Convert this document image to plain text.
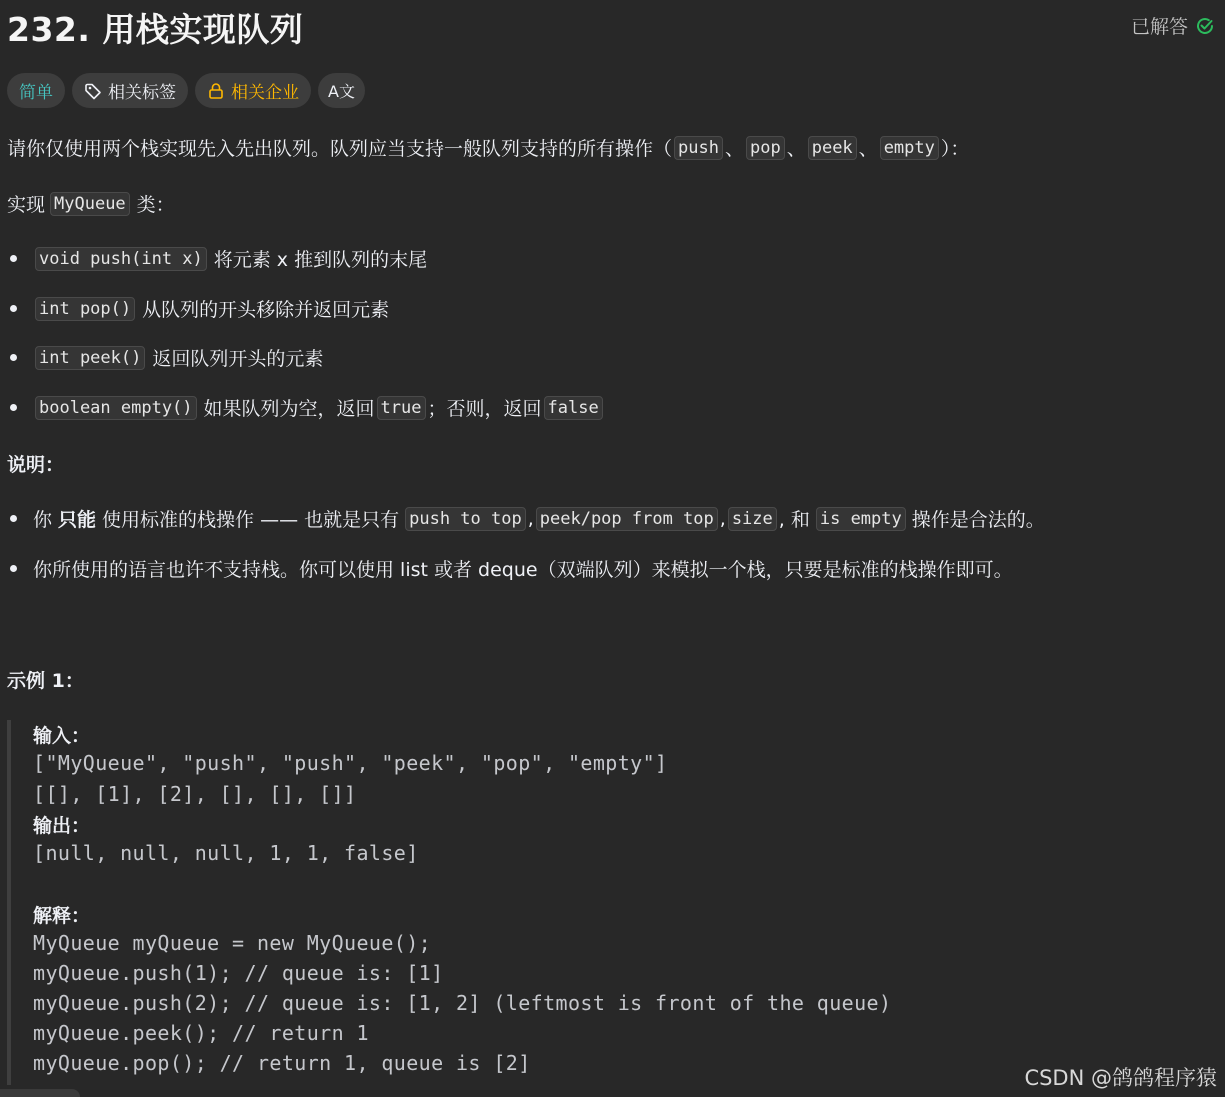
232. 用栈实现队列	已解答
简单	相关标签	相关企业 A文
请你仅使用两个栈实现先入先出队列。队列应当支持一般队列支持的所有操作（ push 、 pop 、 peek 、 empty ）：
实现 MyQueue 类：
void push(int x) 将元素 x 推到队列的末尾
int pop() 从队列的开头移除并返回元素
int peek() 返回队列开头的元素
boolean empty() 如果队列为空，返回 true ；否则，返回 false
说明：
你 只能 使用标准的栈操作 —— 也就是只有 push to top , peek/pop from top , size , 和 is empty 操作是合法的。
你所使用的语言也许不支持栈。你可以使用 list 或者 deque（双端队列）来模拟一个栈，只要是标准的栈操作即可。
示例 1：
输入：
["MyQueue", "push", "push", "peek", "pop", "empty"]
[[], [1], [2], [], [], []]
输出：
[null, null, null, 1, 1, false]
解释：
MyQueue myQueue = new MyQueue();
myQueue.push(1); // queue is: [1]
myQueue.push(2); // queue is: [1, 2] (leftmost is front of the queue)
myQueue.peek(); // return 1
myQueue.pop(); // return 1, queue is [2]
CSDN @鸽鸽程序猿
